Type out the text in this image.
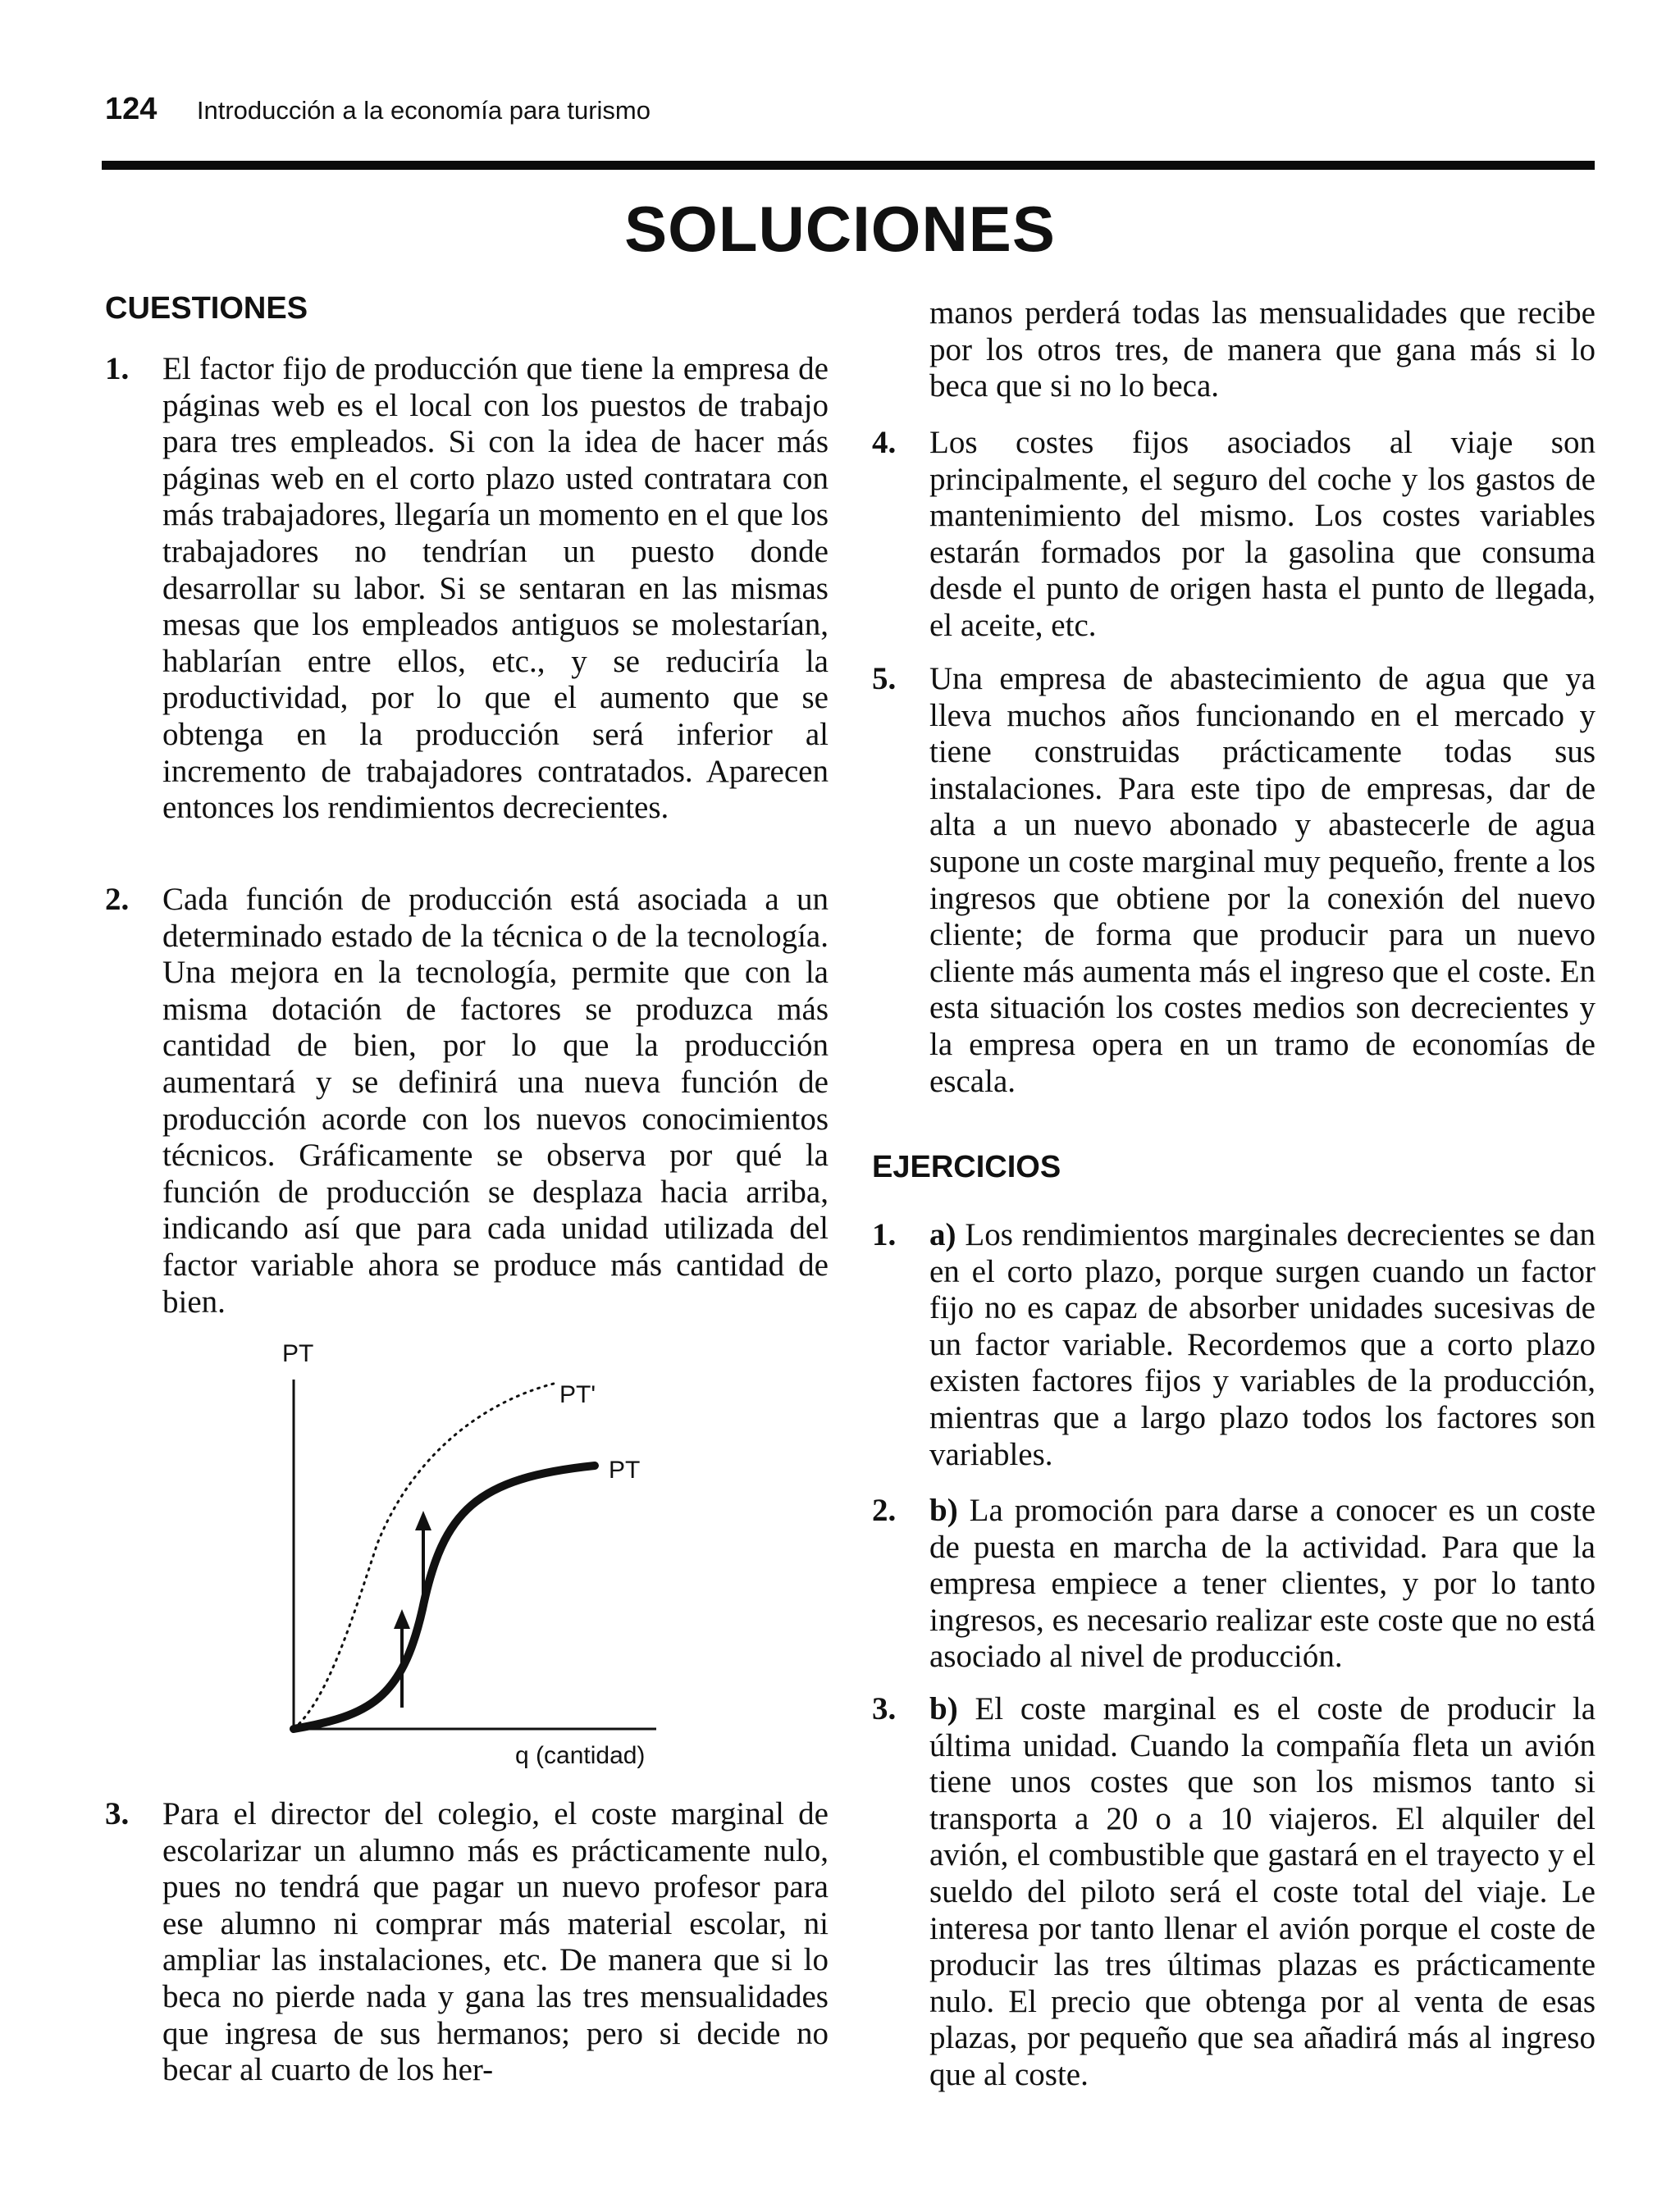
124 Introducción a la economía para turismo
SOLUCIONES
CUESTIONES
1.	El factor fijo de producción que tiene la empresa de páginas web es el local con los puestos de trabajo para tres empleados. Si con la idea de hacer más páginas web en el corto plazo usted contratara con más trabajadores, llegaría un momento en el que los trabajadores no tendrían un puesto donde desarrollar su labor. Si se sentaran en las mismas mesas que los empleados antiguos se molestarían, hablarían entre ellos, etc., y se reduciría la productividad, por lo que el aumento que se obtenga en la producción será inferior al incremento de trabajadores contratados. Aparecen entonces los rendimientos decrecientes.
2.	Cada función de producción está asociada a un determinado estado de la técnica o de la tecnología. Una mejora en la tecnología, permite que con la misma dotación de factores se produzca más cantidad de bien, por lo que la producción aumentará y se definirá una nueva función de producción acorde con los nuevos conocimientos técnicos. Gráficamente se observa por qué la función de producción se desplaza hacia arriba, indicando así que para cada unidad utilizada del factor variable ahora se produce más cantidad de bien.
PT
q (cantidad)
PT'
PT
3.	Para el director del colegio, el coste marginal de escolarizar un alumno más es prácticamente nulo, pues no tendrá que pagar un nuevo profesor para ese alumno ni comprar más material escolar, ni ampliar las instalaciones, etc. De manera que si lo beca no pierde nada y gana las tres mensualidades que ingresa de sus hermanos; pero si decide no becar al cuarto de los her-
manos perderá todas las mensualidades que recibe por los otros tres, de manera que gana más si lo beca que si no lo beca.
4.	Los costes fijos asociados al viaje son principalmente, el seguro del coche y los gastos de mantenimiento del mismo. Los costes variables estarán formados por la gasolina que consuma desde el punto de origen hasta el punto de llegada, el aceite, etc.
5.	Una empresa de abastecimiento de agua que ya lleva muchos años funcionando en el mercado y tiene construidas prácticamente todas sus instalaciones. Para este tipo de empresas, dar de alta a un nuevo abonado y abastecerle de agua supone un coste marginal muy pequeño, frente a los ingresos que obtiene por la conexión del nuevo cliente; de forma que producir para un nuevo cliente más aumenta más el ingreso que el coste. En esta situación los costes medios son decrecientes y la empresa opera en un tramo de economías de escala.
EJERCICIOS
1.	a) Los rendimientos marginales decrecientes se dan en el corto plazo, porque surgen cuando un factor fijo no es capaz de absorber unidades sucesivas de un factor variable. Recordemos que a corto plazo existen factores fijos y variables de la producción, mientras que a largo plazo todos los factores son variables.
2.	b) La promoción para darse a conocer es un coste de puesta en marcha de la actividad. Para que la empresa empiece a tener clientes, y por lo tanto ingresos, es necesario realizar este coste que no está asociado al nivel de producción.
3.	b) El coste marginal es el coste de producir la última unidad. Cuando la compañía fleta un avión tiene unos costes que son los mismos tanto si transporta a 20 o a 10 viajeros. El alquiler del avión, el combustible que gastará en el trayecto y el sueldo del piloto será el coste total del viaje. Le interesa por tanto llenar el avión porque el coste de producir las tres últimas plazas es prácticamente nulo. El precio que obtenga por al venta de esas plazas, por pequeño que sea añadirá más al ingreso que al coste.
